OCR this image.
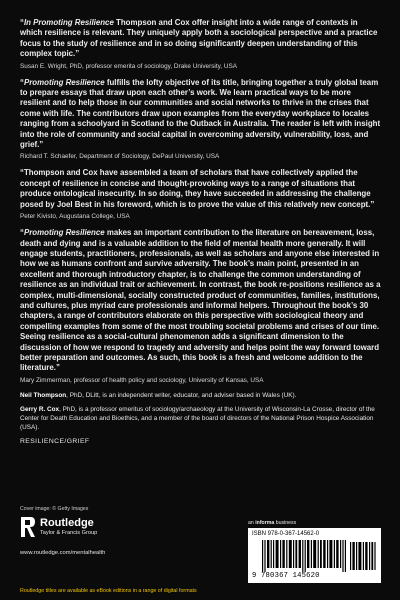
“In Promoting Resilience Thompson and Cox offer insight into a wide range of contexts in which resilience is relevant. They uniquely apply both a sociological perspective and a practice focus to the study of resilience and in so doing significantly deepen understanding of this complex topic.”

Susan E. Wright, PhD, professor emerita of sociology, Drake University, USA

“Promoting Resilience fulfills the lofty objective of its title, bringing together a truly global team to prepare essays that draw upon each other’s work. We learn practical ways to be more resilient and to help those in our communities and social networks to thrive in the crises that come with life. The contributors draw upon examples from the everyday workplace to locales ranging from a schoolyard in Scotland to the Outback in Australia. The reader is left with insight into the role of community and social capital in overcoming adversity, vulnerability, loss, and grief.”

Richard T. Schaefer, Department of Sociology, DePaul University, USA

“Thompson and Cox have assembled a team of scholars that have collectively applied the concept of resilience in concise and thought-provoking ways to a range of situations that produce ontological insecurity. In so doing, they have succeeded in addressing the challenge posed by Joel Best in his foreword, which is to prove the value of this relatively new concept.”

Peter Kivisto, Augustana College, USA

“Promoting Resilience makes an important contribution to the literature on bereavement, loss, death and dying and is a valuable addition to the field of mental health more generally. It will engage students, practitioners, professionals, as well as scholars and anyone else interested in how we as humans confront and survive adversity. The book’s main point, presented in an excellent and thorough introductory chapter, is to challenge the common understanding of resilience as an individual trait or achievement. In contrast, the book re-positions resilience as a complex, multi-dimensional, socially constructed product of communities, families, institutions, and cultures, plus myriad care professionals and informal helpers. Throughout the book’s 30 chapters, a range of contributors elaborate on this perspective with sociological theory and compelling examples from some of the most troubling societal problems and crises of our time. Seeing resilience as a social-cultural phenomenon adds a significant dimension to the discussion of how we respond to tragedy and adversity and helps point the way forward toward better preparation and outcomes. As such, this book is a fresh and welcome addition to the literature.”

Mary Zimmerman, professor of health policy and sociology, University of Kansas, USA

Neil Thompson, PhD, DLitt, is an independent writer, educator, and adviser based in Wales (UK).

Gerry R. Cox, PhD, is a professor emeritus of sociology/archaeology at the University of Wisconsin-La Crosse, director of the Center for Death Education and Bioethics, and a member of the board of directors of the National Prison Hospice Association (USA).

RESILIENCE/GRIEF

Cover image: © Getty Images
Routledge
Taylor & Francis Group
www.routledge.com/mentalhealth
Routledge titles are available as eBook editions in a range of digital formats
an informa business
ISBN 978-0-367-14562-0
9 780367 145620
